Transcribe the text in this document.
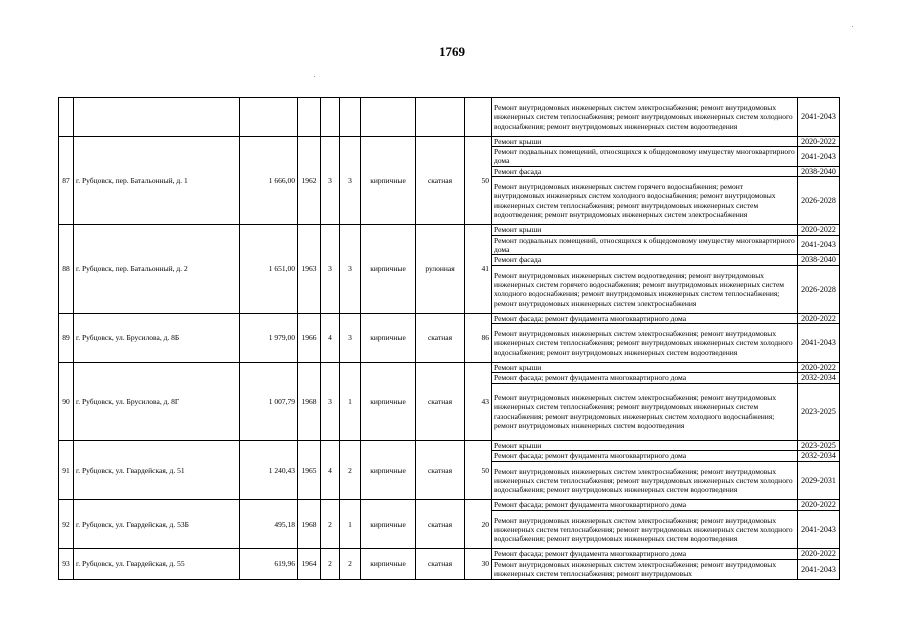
1769
									Ремонт внутридомовых инженерных систем электроснабжения; ремонт внутридомовых инженерных систем теплоснабжения; ремонт внутридомовых инженерных систем холодного водоснабжения; ремонт внутридомовых инженерных систем водоотведения	2041-2043
87	г. Рубцовск, пер. Батальонный, д. 1	1 666,00	1962	3	3	кирпичные	скатная	50	Ремонт крыши	2020-2022
									Ремонт подвальных помещений, относящихся к общедомовому имуществу многоквартирного дома	2041-2043
									Ремонт фасада	2038-2040
									Ремонт внутридомовых инженерных систем горячего водоснабжения; ремонт внутридомовых инженерных систем холодного водоснабжения; ремонт внутридомовых инженерных систем теплоснабжения; ремонт внутридомовых инженерных систем водоотведения; ремонт внутридомовых инженерных систем электроснабжения	2026-2028
88	г. Рубцовск, пер. Батальонный, д. 2	1 651,00	1963	3	3	кирпичные	рулонная	41	Ремонт крыши	2020-2022
									Ремонт подвальных помещений, относящихся к общедомовому имуществу многоквартирного дома	2041-2043
									Ремонт фасада	2038-2040
									Ремонт внутридомовых инженерных систем водоотведения; ремонт внутридомовых инженерных систем горячего водоснабжения; ремонт внутридомовых инженерных систем холодного водоснабжения; ремонт внутридомовых инженерных систем теплоснабжения; ремонт внутридомовых инженерных систем электроснабжения	2026-2028
89	г. Рубцовск, ул. Брусилова, д. 8Б	1 979,00	1966	4	3	кирпичные	скатная	86	Ремонт фасада; ремонт фундамента многоквартирного дома	2020-2022
									Ремонт внутридомовых инженерных систем электроснабжения; ремонт внутридомовых инженерных систем теплоснабжения; ремонт внутридомовых инженерных систем холодного водоснабжения; ремонт внутридомовых инженерных систем водоотведения	2041-2043
90	г. Рубцовск, ул. Брусилова, д. 8Г	1 007,79	1968	3	1	кирпичные	скатная	43	Ремонт крыши	2020-2022
									Ремонт фасада; ремонт фундамента многоквартирного дома	2032-2034
									Ремонт внутридомовых инженерных систем электроснабжения; ремонт внутридомовых инженерных систем теплоснабжения; ремонт внутридомовых инженерных систем газоснабжения; ремонт внутридомовых инженерных систем холодного водоснабжения; ремонт внутридомовых инженерных систем водоотведения	2023-2025
91	г. Рубцовск, ул. Гвардейская, д. 51	1 240,43	1965	4	2	кирпичные	скатная	50	Ремонт крыши	2023-2025
									Ремонт фасада; ремонт фундамента многоквартирного дома	2032-2034
									Ремонт внутридомовых инженерных систем электроснабжения; ремонт внутридомовых инженерных систем теплоснабжения; ремонт внутридомовых инженерных систем холодного водоснабжения; ремонт внутридомовых инженерных систем водоотведения	2029-2031
92	г. Рубцовск, ул. Гвардейская, д. 53Б	495,18	1968	2	1	кирпичные	скатная	20	Ремонт фасада; ремонт фундамента многоквартирного дома	2020-2022
									Ремонт внутридомовых инженерных систем электроснабжения; ремонт внутридомовых инженерных систем теплоснабжения; ремонт внутридомовых инженерных систем холодного водоснабжения; ремонт внутридомовых инженерных систем водоотведения	2041-2043
93	г. Рубцовск, ул. Гвардейская, д. 55	619,96	1964	2	2	кирпичные	скатная	30	Ремонт фасада; ремонт фундамента многоквартирного дома	2020-2022
									Ремонт внутридомовых инженерных систем электроснабжения; ремонт внутридомовых инженерных систем теплоснабжения; ремонт внутридомовых	2041-2043
